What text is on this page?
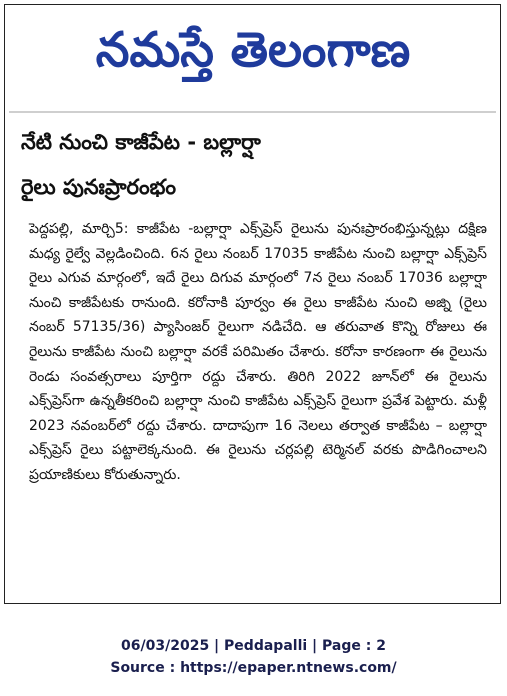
నమస్తే తెలంగాణ
నేటి నుంచి కాజీపేట - బల్లార్షా
రైలు పునఃప్రారంభం
పెద్దపల్లి, మార్చి5: కాజీపేట -బల్లార్షా ఎక్స్‌ప్రెస్ రైలును పునఃప్రారంభిస్తున్నట్లు దక్షిణ మధ్య రైల్వే వెల్లడించింది. 6న రైలు నంబర్ 17035 కాజీపేట నుంచి బల్లార్షా ఎక్స్‌ప్రెస్ రైలు ఎగువ మార్గంలో, ఇదే రైలు దిగువ మార్గంలో 7న రైలు నంబర్ 17036 బల్లార్షా నుంచి కాజీపేటకు రానుంది. కరోనాకి పూర్వం ఈ రైలు కాజీపేట నుంచి అజ్ని (రైలు నంబర్ 57135/36) ప్యాసింజర్ రైలుగా నడిచేది. ఆ తరువాత కొన్ని రోజులు ఈ రైలును కాజీపేట నుంచి బల్లార్షా వరకే పరిమితం చేశారు. కరోనా కారణంగా ఈ రైలును రెండు సంవత్సరాలు పూర్తిగా రద్దు చేశారు. తిరిగి 2022 జూన్‌లో ఈ రైలును ఎక్స్‌ప్రెస్‌గా ఉన్నతీకరించి బల్లార్షా నుంచి కాజీపేట ఎక్స్‌ప్రెస్ రైలుగా ప్రవేశ పెట్టారు. మళ్లీ 2023 నవంబర్‌లో రద్దు చేశారు. దాదాపుగా 16 నెలలు తర్వాత కాజీపేట – బల్లార్షా ఎక్స్‌ప్రెస్ రైలు పట్టాలెక్కనుంది. ఈ రైలును చర్లపల్లి టెర్మినల్ వరకు పొడిగించాలని ప్రయాణికులు కోరుతున్నారు.
06/03/2025 | Peddapalli | Page : 2
Source : https://epaper.ntnews.com/
